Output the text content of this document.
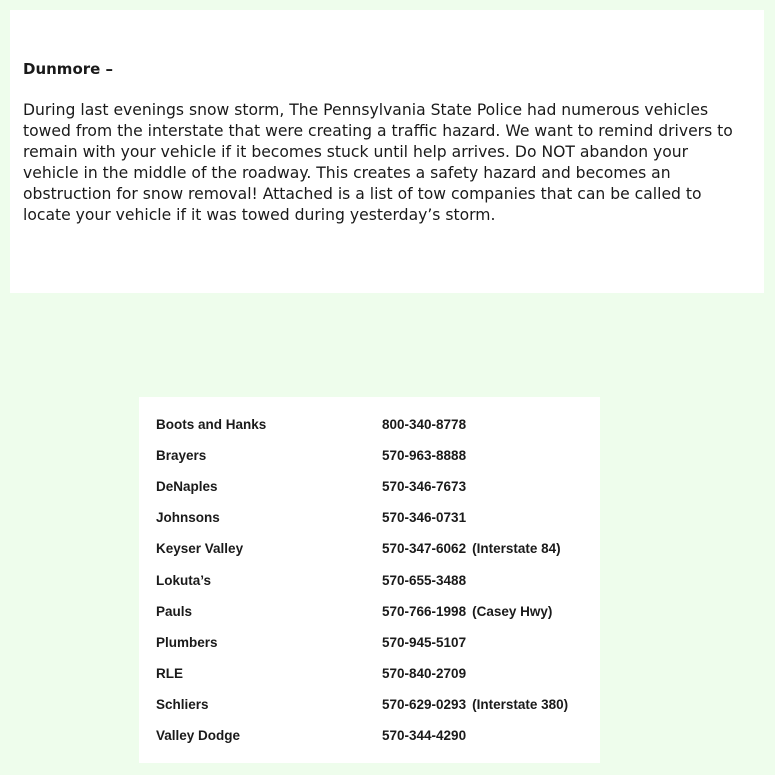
Dunmore –

During last evenings snow storm, The Pennsylvania State Police had numerous vehicles towed from the interstate that were creating a traffic hazard. We want to remind drivers to remain with your vehicle if it becomes stuck until help arrives. Do NOT abandon your vehicle in the middle of the roadway. This creates a safety hazard and becomes an obstruction for snow removal! Attached is a list of tow companies that can be called to locate your vehicle if it was towed during yesterday’s storm.

Boots and Hanks	800-340-8778
Brayers	570-963-8888
DeNaples	570-346-7673
Johnsons	570-346-0731
Keyser Valley	570-347-6062 (Interstate 84)
Lokuta’s	570-655-3488
Pauls	570-766-1998 (Casey Hwy)
Plumbers	570-945-5107
RLE	570-840-2709
Schliers	570-629-0293 (Interstate 380)
Valley Dodge	570-344-4290
